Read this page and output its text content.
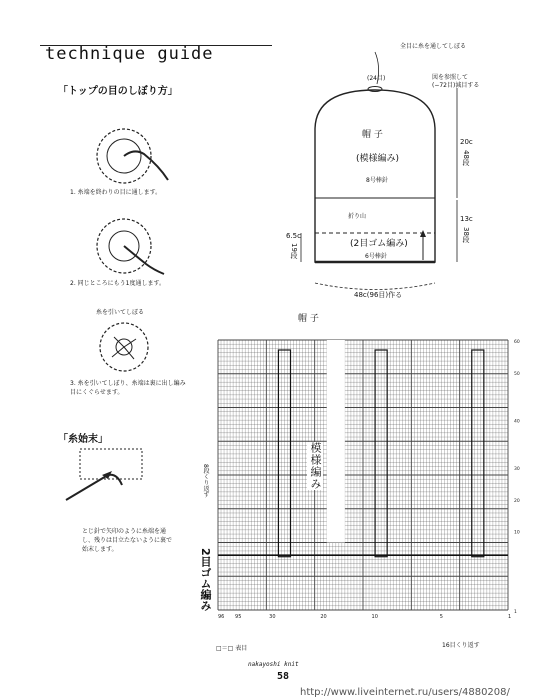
technique guide
「トップの目のしぼり方」
1. 糸端を終わりの目に通します。
2. 同じところにもう1度通します。
糸を引いてしぼる
3. 糸を引いてしぼり、糸端は裏に出し編み目にくぐらせます。
「糸始末」
とじ針で矢印のように糸端を通し、残りは目立たないように裏で始末します。
全目に糸を通してしぼる
(24目)	図を参照して
(−72目)減目する
帽 子
(模様編み)
8号棒針
折り山
(2目ゴム編み)
6号棒針
20c
48段
13c
38段
6.5c
19段
48c(96目)作る
帽 子
96 95	30	20	10	5	1
60
50
40
30
20
10
1
模様編み
2目ゴム編み
8段くり返す
16目くり返す
□＝□ 表目
nakayoshi knit
58
http://www.liveinternet.ru/users/4880208/
